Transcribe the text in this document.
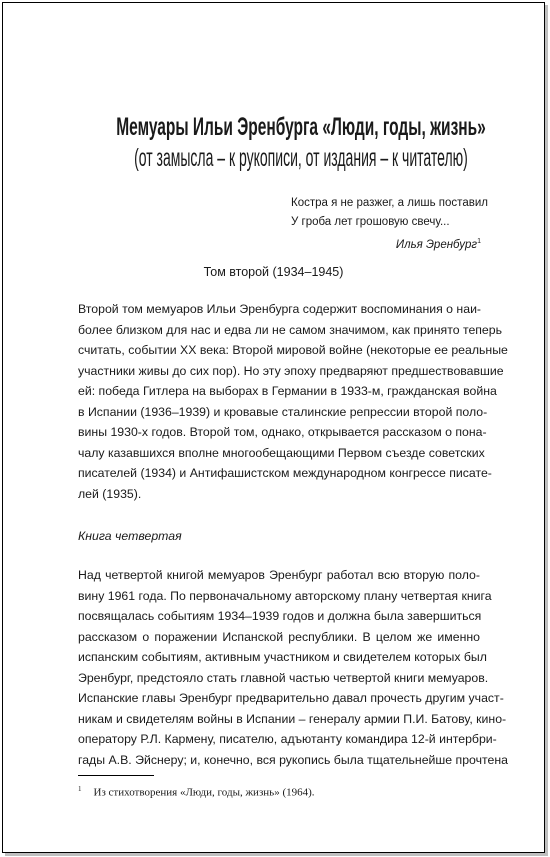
Мемуары Ильи Эренбурга «Люди, годы, жизнь»
(от замысла – к рукописи, от издания – к читателю)
Костра я не разжег, а лишь поставил
У гроба лет грошовую свечу...
Илья Эренбург$^1$
Том второй (1934–1945)
Второй том мемуаров Ильи Эренбурга содержит воспоминания о наи-
более близком для нас и едва ли не самом значимом, как принято теперь
считать, событии XX века: Второй мировой войне (некоторые ее реальные
участники живы до сих пор). Но эту эпоху предваряют предшествовавшие
ей: победа Гитлера на выборах в Германии в 1933-м, гражданская война
в Испании (1936–1939) и кровавые сталинские репрессии второй поло-
вины 1930-х годов. Второй том, однако, открывается рассказом о пона-
чалу казавшихся вполне многообещающими Первом съезде советских
писателей (1934) и Антифашистском международном конгрессе писате-
лей (1935).
Книга четвертая
Над четвертой книгой мемуаров Эренбург работал всю вторую поло-
вину 1961 года. По первоначальному авторскому плану четвертая книга
посвящалась событиям 1934–1939 годов и должна была завершиться
рассказом о поражении Испанской республики. В целом же именно
испанским событиям, активным участником и свидетелем которых был
Эренбург, предстояло стать главной частью четвертой книги мемуаров.
Испанские главы Эренбург предварительно давал прочесть другим участ-
никам и свидетелям войны в Испании – генералу армии П.И. Батову, кино-
оператору Р.Л. Кармену, писателю, адъютанту командира 12-й интербри-
гады А.В. Эйснеру; и, конечно, вся рукопись была тщательнейше прочтена
$^1$ Из стихотворения «Люди, годы, жизнь» (1964).
